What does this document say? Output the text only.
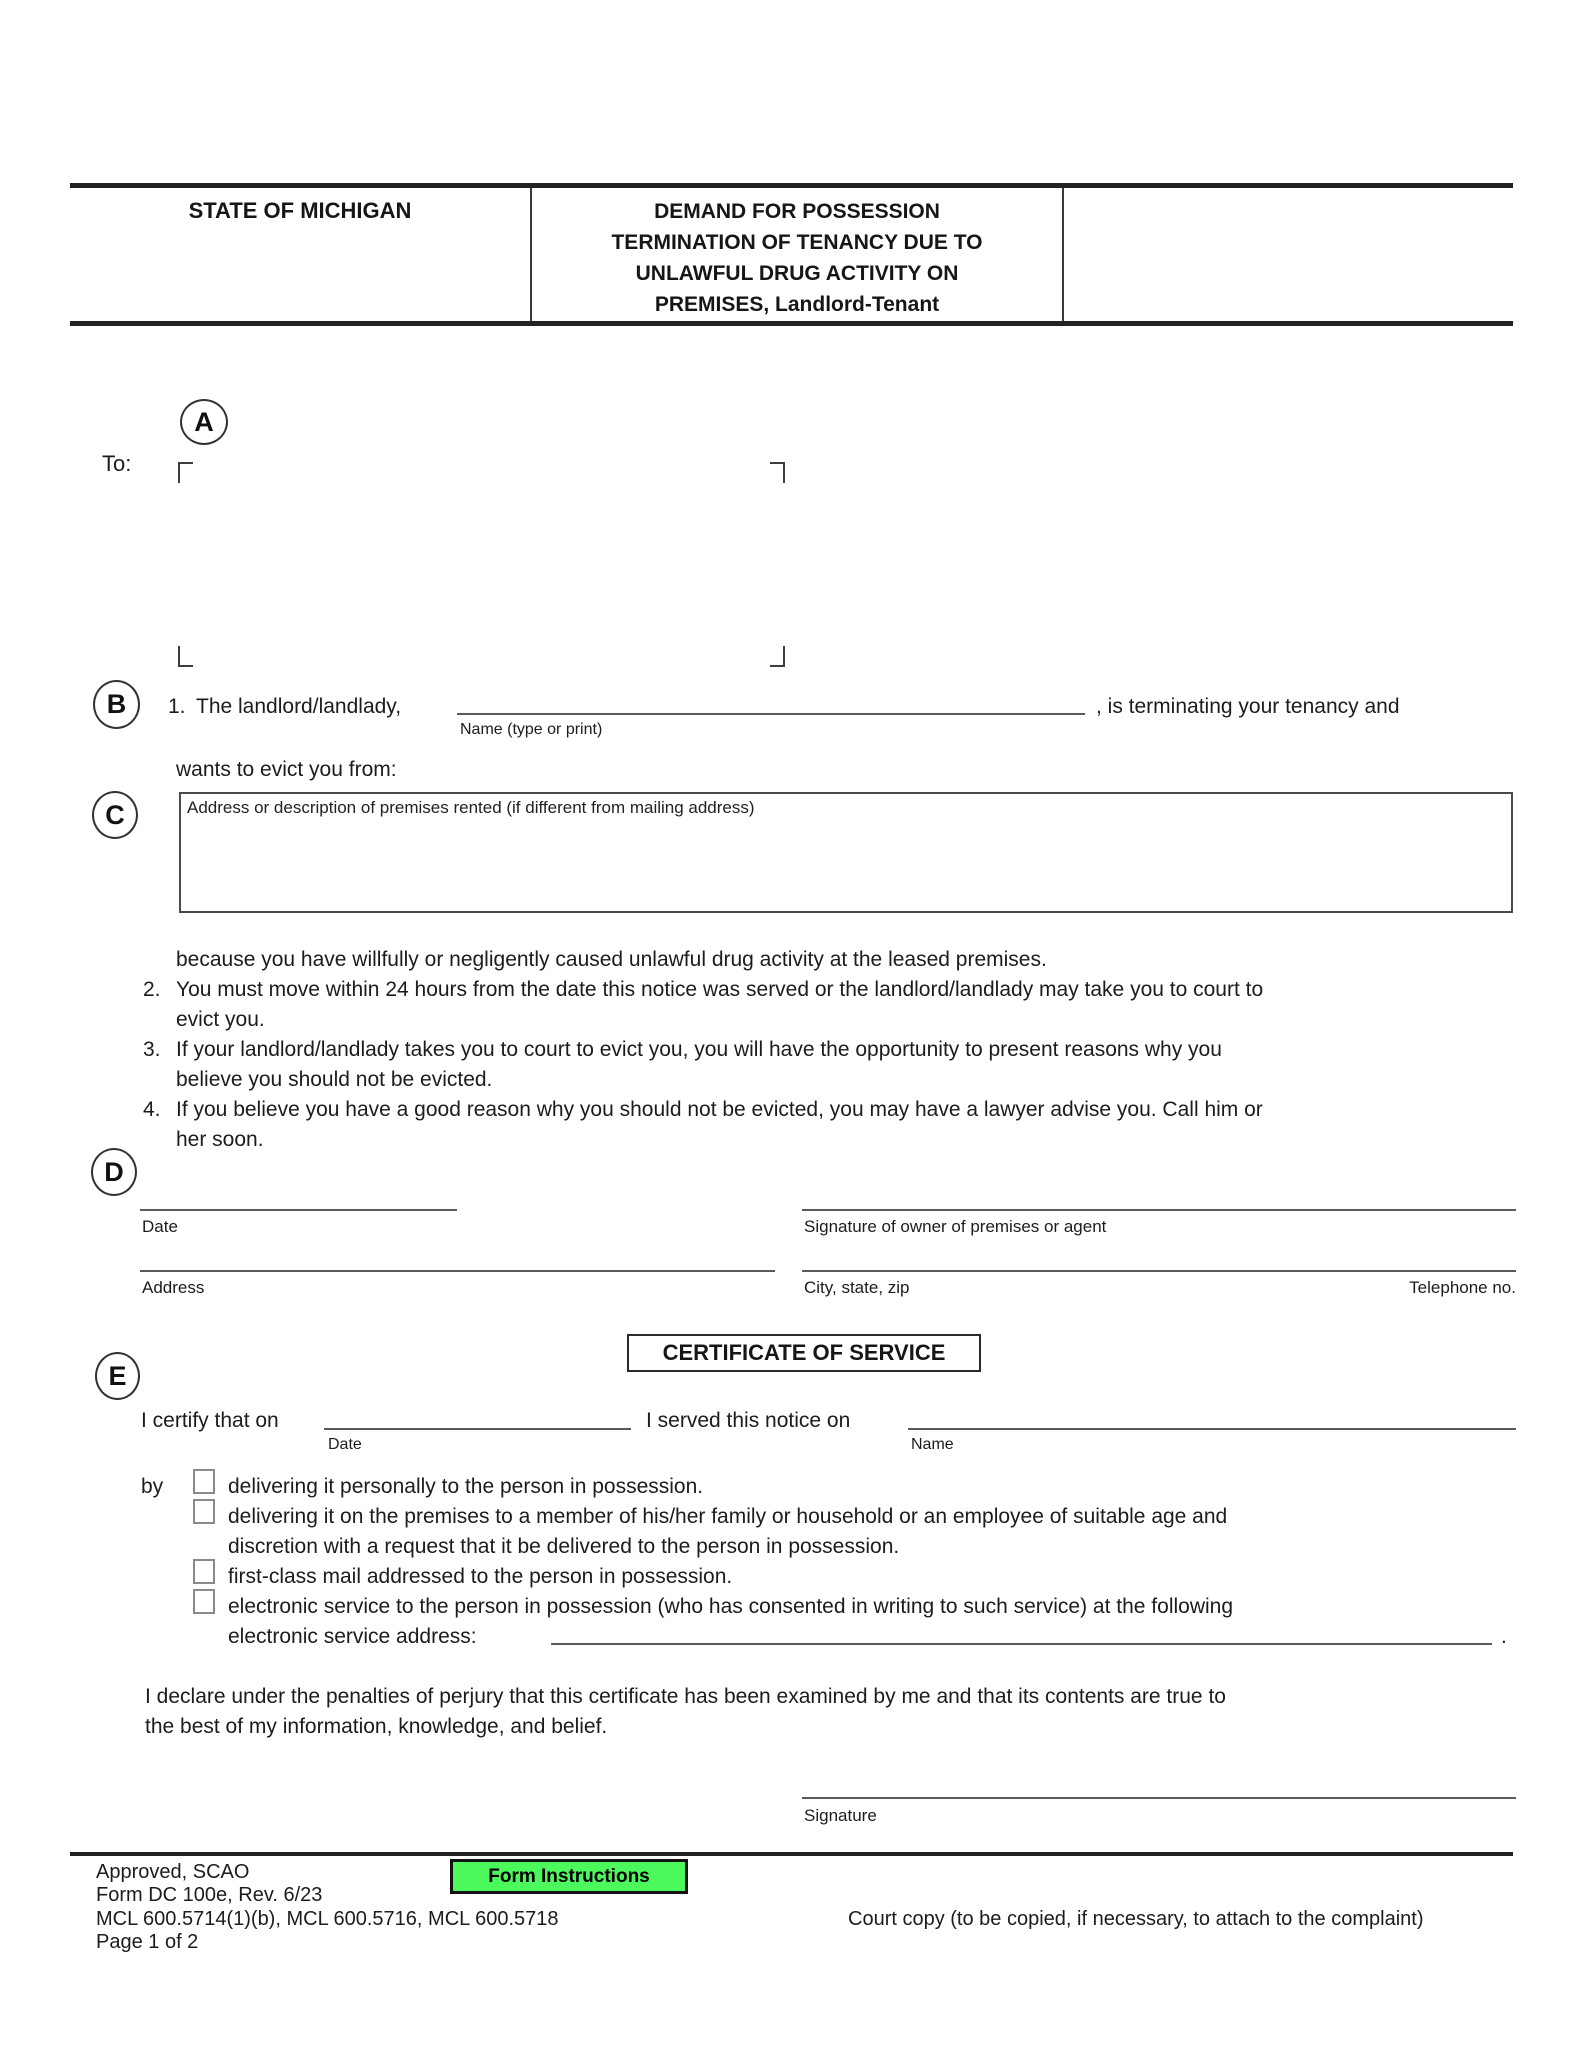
STATE OF MICHIGAN	DEMAND FOR POSSESSION
TERMINATION OF TENANCY DUE TO
UNLAWFUL DRUG ACTIVITY ON
PREMISES, Landlord-Tenant
A
To:
B	1. The landlord/landlady,	, is terminating your tenancy and
Name (type or print)
wants to evict you from:
C	Address or description of premises rented (if different from mailing address)
because you have willfully or negligently caused unlawful drug activity at the leased premises.
2. You must move within 24 hours from the date this notice was served or the landlord/landlady may take you to court to
evict you.
3. If your landlord/landlady takes you to court to evict you, you will have the opportunity to present reasons why you
believe you should not be evicted.
4. If you believe you have a good reason why you should not be evicted, you may have a lawyer advise you. Call him or
her soon.
D
Date	Signature of owner of premises or agent
Address	City, state, zip	Telephone no.
CERTIFICATE OF SERVICE
E
I certify that on
Date
I served this notice on
Name
by	delivering it personally to the person in possession.
delivering it on the premises to a member of his/her family or household or an employee of suitable age and
discretion with a request that it be delivered to the person in possession.
first-class mail addressed to the person in possession.
electronic service to the person in possession (who has consented in writing to such service) at the following
electronic service address:	.
I declare under the penalties of perjury that this certificate has been examined by me and that its contents are true to
the best of my information, knowledge, and belief.
Signature
Approved, SCAO
Form DC 100e, Rev. 6/23
MCL 600.5714(1)(b), MCL 600.5716, MCL 600.5718
Page 1 of 2
Form Instructions
Court copy (to be copied, if necessary, to attach to the complaint)
